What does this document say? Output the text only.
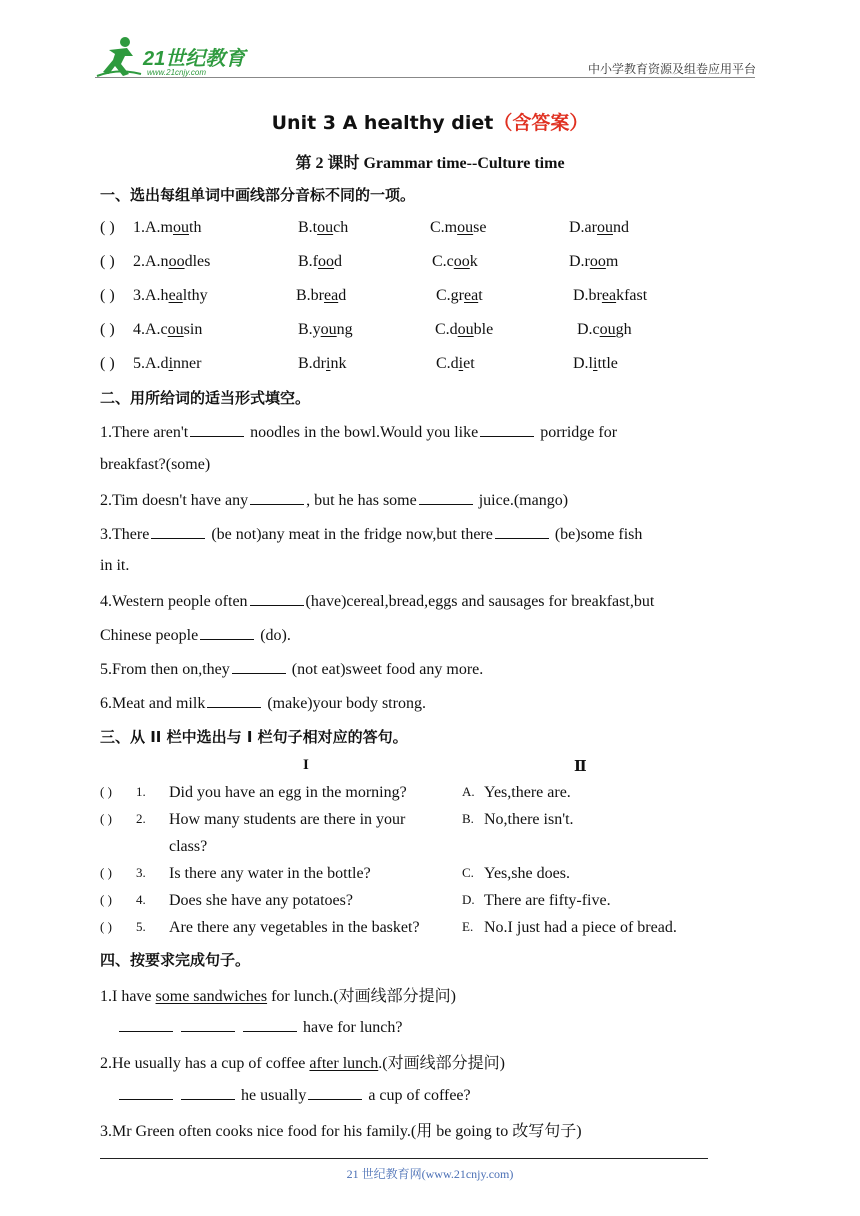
21世纪教育
www.21cnjy.com	中小学教育资源及组卷应用平台
Unit 3 A healthy diet（含答案）
第 2 课时 Grammar time--Culture time
一、选出每组单词中画线部分音标不同的一项。
( ) 1.A.mouth	B.touch	C.mouse	D.around
( ) 2.A.noodles	B.food	C.cook	D.room
( ) 3.A.healthy	B.bread	C.great	D.breakfast
( ) 4.A.cousin	B.young	C.double	D.cough
( ) 5.A.dinner	B.drink	C.diet	D.little
二、用所给词的适当形式填空。
1.There aren't	noodles in the bowl.Would you like	porridge for
breakfast?(some)
2.Tim doesn't have any	, but he has some	juice.(mango)
3.There	(be not)any meat in the fridge now,but there	(be)some fish
in it.
4.Western people often	(have)cereal,bread,eggs and sausages for breakfast,but
Chinese people	(do).
5.From then on,they	(not eat)sweet food any more.
6.Meat and milk	(make)your body strong.
三、从 II 栏中选出与 I 栏句子相对应的答句。
I	Ⅱ
( ) 1. Did you have an egg in the morning?	A. Yes,there are.
( ) 2. How many students are there in your	B. No,there isn't.
class?
( ) 3. Is there any water in the bottle?	C. Yes,she does.
( ) 4. Does she have any potatoes?	D. There are fifty-five.
( ) 5. Are there any vegetables in the basket?	E. No.I just had a piece of bread.
四、按要求完成句子。
1.I have some sandwiches for lunch.(对画线部分提问)
have for lunch?
2.He usually has a cup of coffee after lunch.(对画线部分提问)
he usually	a cup of coffee?
3.Mr Green often cooks nice food for his family.(用 be going to 改写句子)
21 世纪教育网(www.21cnjy.com)
